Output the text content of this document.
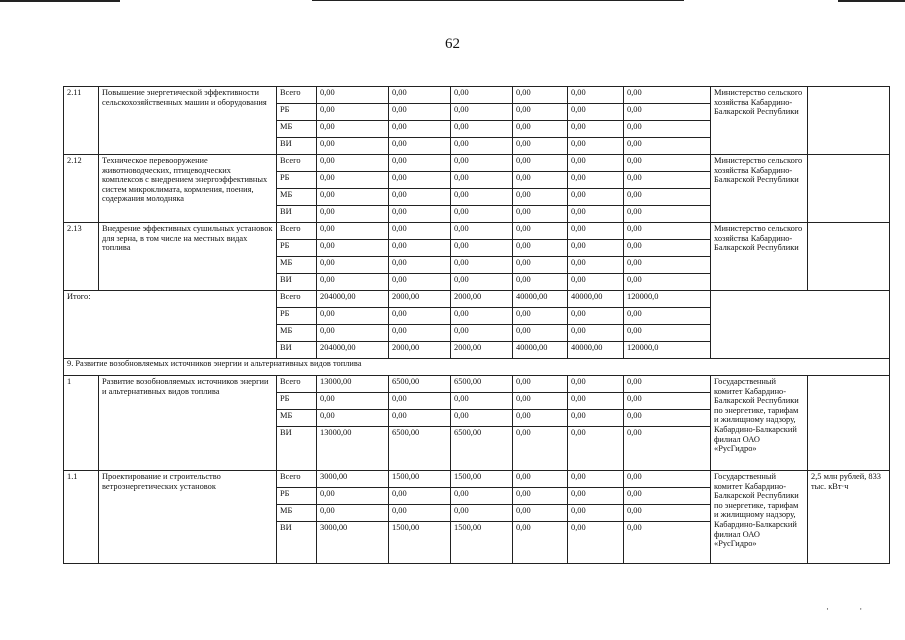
62
2.11	Повышение энергетической эффективности сельскохозяйственных машин и оборудования	Всего	0,00	0,00	0,00	0,00	0,00	0,00	Министерство сельского хозяйства Кабардино-Балкарской Республики	
		РБ	0,00	0,00	0,00	0,00	0,00	0,00		
		МБ	0,00	0,00	0,00	0,00	0,00	0,00		
		ВИ	0,00	0,00	0,00	0,00	0,00	0,00		
2.12	Техническое перевооружение животноводческих, птицеводческих комплексов с внедрением энергоэффективных систем микроклимата, кормления, поения, содержания молодняка	Всего	0,00	0,00	0,00	0,00	0,00	0,00	Министерство сельского хозяйства Кабардино-Балкарской Республики	
		РБ	0,00	0,00	0,00	0,00	0,00	0,00		
		МБ	0,00	0,00	0,00	0,00	0,00	0,00		
		ВИ	0,00	0,00	0,00	0,00	0,00	0,00		
2.13	Внедрение эффективных сушильных установок для зерна, в том числе на местных видах топлива	Всего	0,00	0,00	0,00	0,00	0,00	0,00	Министерство сельского хозяйства Кабардино-Балкарской Республики	
		РБ	0,00	0,00	0,00	0,00	0,00	0,00		
		МБ	0,00	0,00	0,00	0,00	0,00	0,00		
		ВИ	0,00	0,00	0,00	0,00	0,00	0,00		
Итого:		Всего	204000,00	2000,00	2000,00	40000,00	40000,00	120000,0		
		РБ	0,00	0,00	0,00	0,00	0,00	0,00		
		МБ	0,00	0,00	0,00	0,00	0,00	0,00		
		ВИ	204000,00	2000,00	2000,00	40000,00	40000,00	120000,0		
9. Развитие возобновляемых источников энергии и альтернативных видов топлива										
1	Развитие возобновляемых источников энергии и альтернативных видов топлива	Всего	13000,00	6500,00	6500,00	0,00	0,00	0,00	Государственный комитет Кабардино-Балкарской Республики по энергетике, тарифам и жилищному надзору, Кабардино-Балкарский филиал ОАО «РусГидро»	
		РБ	0,00	0,00	0,00	0,00	0,00	0,00		
		МБ	0,00	0,00	0,00	0,00	0,00	0,00		
		ВИ	13000,00	6500,00	6500,00	0,00	0,00	0,00		
1.1	Проектирование и строительство ветроэнергетических установок	Всего	3000,00	1500,00	1500,00	0,00	0,00	0,00	Государственный комитет Кабардино-Балкарской Республики по энергетике, тарифам и жилищному надзору, Кабардино-Балкарский филиал ОАО «РусГидро»	2,5 млн рублей, 833 тыс. кВт·ч
		РБ	0,00	0,00	0,00	0,00	0,00	0,00		
		МБ	0,00	0,00	0,00	0,00	0,00	0,00		
		ВИ	3000,00	1500,00	1500,00	0,00	0,00	0,00		
· ·
